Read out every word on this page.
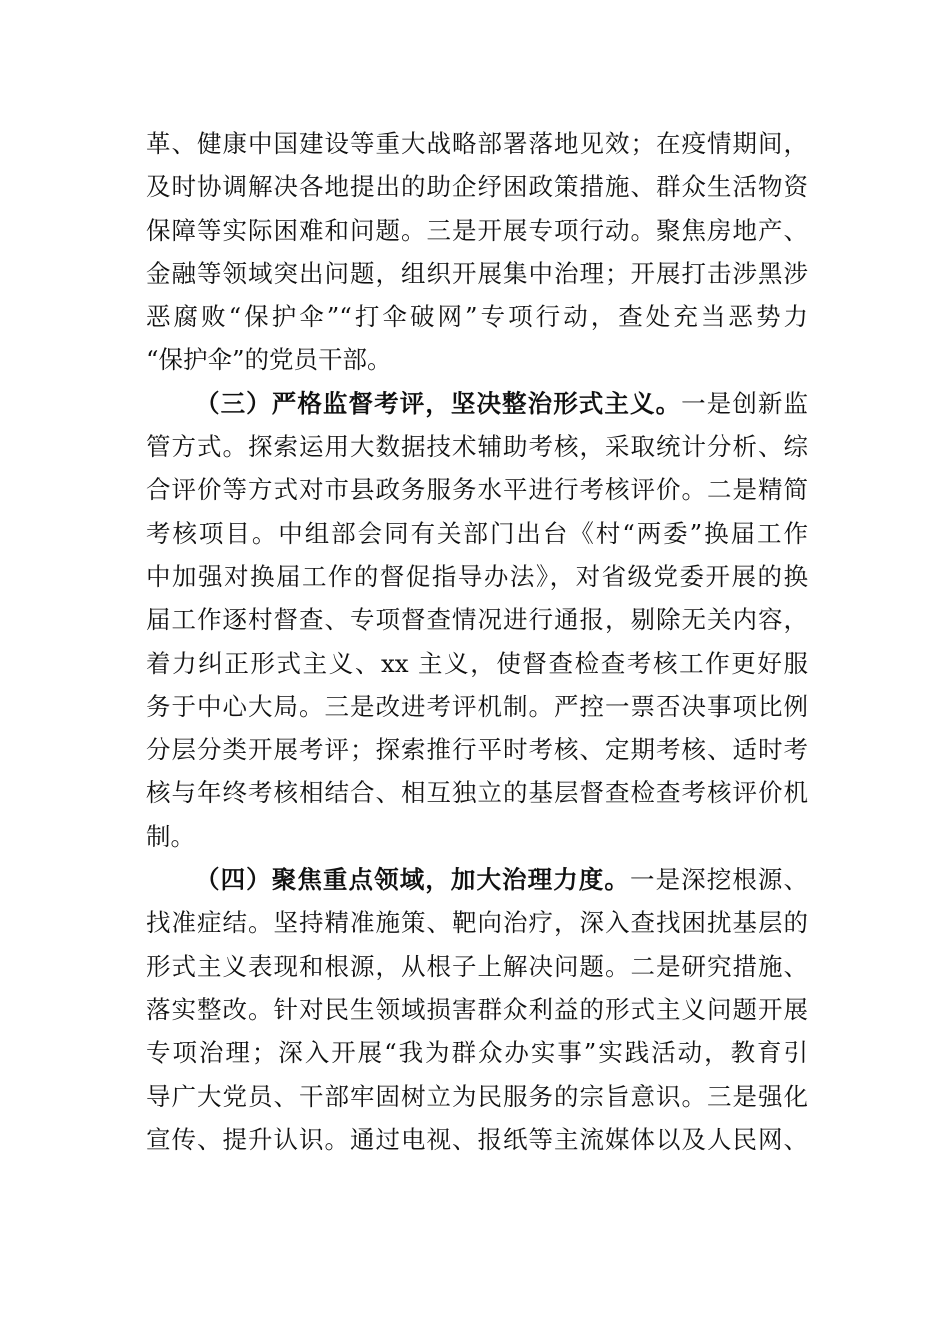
革、健康中国建设等重大战略部署落地见效；在疫情期间，
及时协调解决各地提出的助企纾困政策措施、群众生活物资
保障等实际困难和问题。三是开展专项行动。聚焦房地产、
金融等领域突出问题，组织开展集中治理；开展打击涉黑涉
恶腐败“保护伞”“打伞破网”专项行动，查处充当恶势力
“保护伞”的党员干部。
（三）严格监督考评，坚决整治形式主义。一是创新监
管方式。探索运用大数据技术辅助考核，采取统计分析、综
合评价等方式对市县政务服务水平进行考核评价。二是精简
考核项目。中组部会同有关部门出台《村“两委”换届工作
中加强对换届工作的督促指导办法》，对省级党委开展的换
届工作逐村督查、专项督查情况进行通报，剔除无关内容，
着力纠正形式主义、xx 主义，使督查检查考核工作更好服
务于中心大局。三是改进考评机制。严控一票否决事项比例
分层分类开展考评；探索推行平时考核、定期考核、适时考
核与年终考核相结合、相互独立的基层督查检查考核评价机
制。
（四）聚焦重点领域，加大治理力度。一是深挖根源、
找准症结。坚持精准施策、靶向治疗，深入查找困扰基层的
形式主义表现和根源，从根子上解决问题。二是研究措施、
落实整改。针对民生领域损害群众利益的形式主义问题开展
专项治理；深入开展“我为群众办实事”实践活动，教育引
导广大党员、干部牢固树立为民服务的宗旨意识。三是强化
宣传、提升认识。通过电视、报纸等主流媒体以及人民网、
